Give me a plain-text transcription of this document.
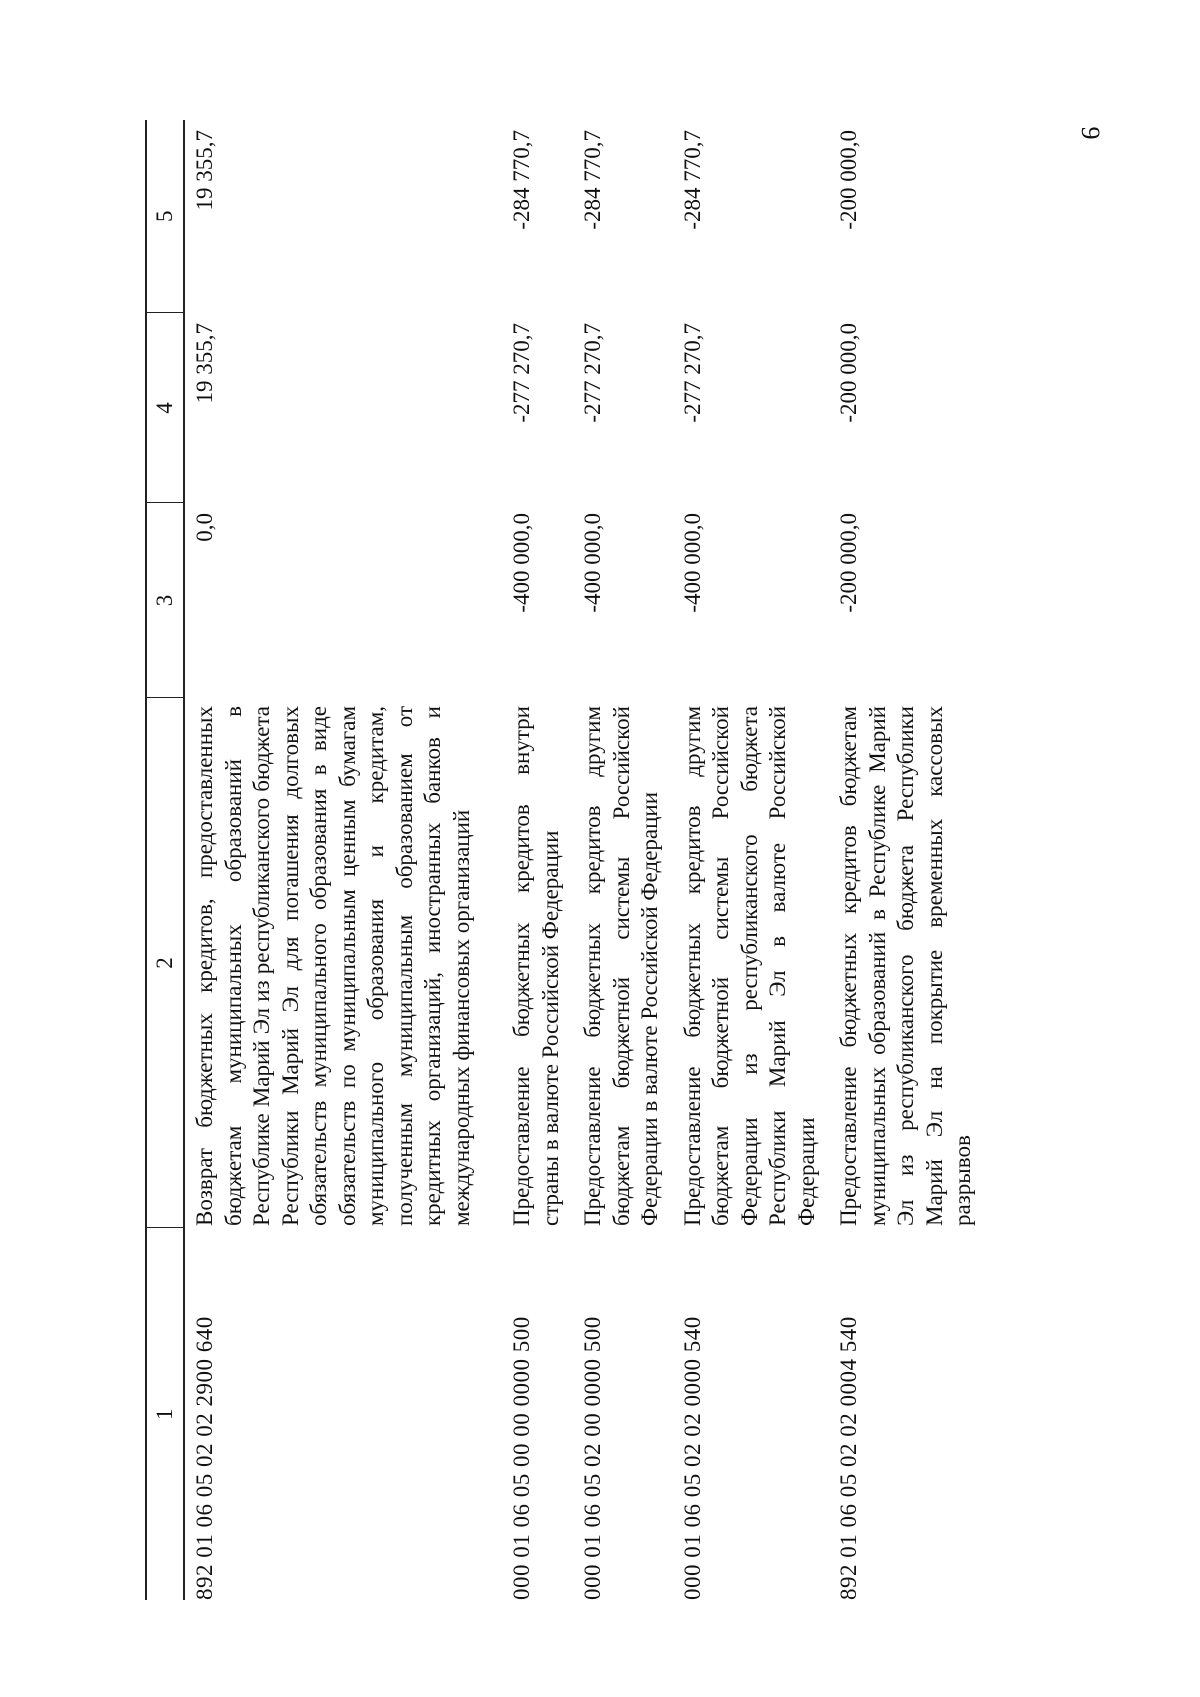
9
1	2	3	4	5
892 01 06 05 02 02 2900 640	Возврат бюджетных кредитов, предоставленных бюджетам муниципальных образований в Республике Марий Эл из республиканского бюджета Республики Марий Эл для погашения долговых обязательств муниципального образования в виде обязательств по муниципальным ценным бумагам муниципального образования и кредитам, полученным муниципальным образованием от кредитных организаций, иностранных банков и международных финансовых организаций	0,0	19 355,7	19 355,7
000 01 06 05 00 00 0000 500	Предоставление бюджетных кредитов внутри страны в валюте Российской Федерации	-400 000,0	-277 270,7	-284 770,7
000 01 06 05 02 00 0000 500	Предоставление бюджетных кредитов другим бюджетам бюджетной системы Российской Федерации в валюте Российской Федерации	-400 000,0	-277 270,7	-284 770,7
000 01 06 05 02 02 0000 540	Предоставление бюджетных кредитов другим бюджетам бюджетной системы Российской Федерации из республиканского бюджета Республики Марий Эл в валюте Российской Федерации	-400 000,0	-277 270,7	-284 770,7
892 01 06 05 02 02 0004 540	Предоставление бюджетных кредитов бюджетам муниципальных образований в Республике Марий Эл из республиканского бюджета Республики Марий Эл на покрытие временных кассовых разрывов	-200 000,0	-200 000,0	-200 000,0
